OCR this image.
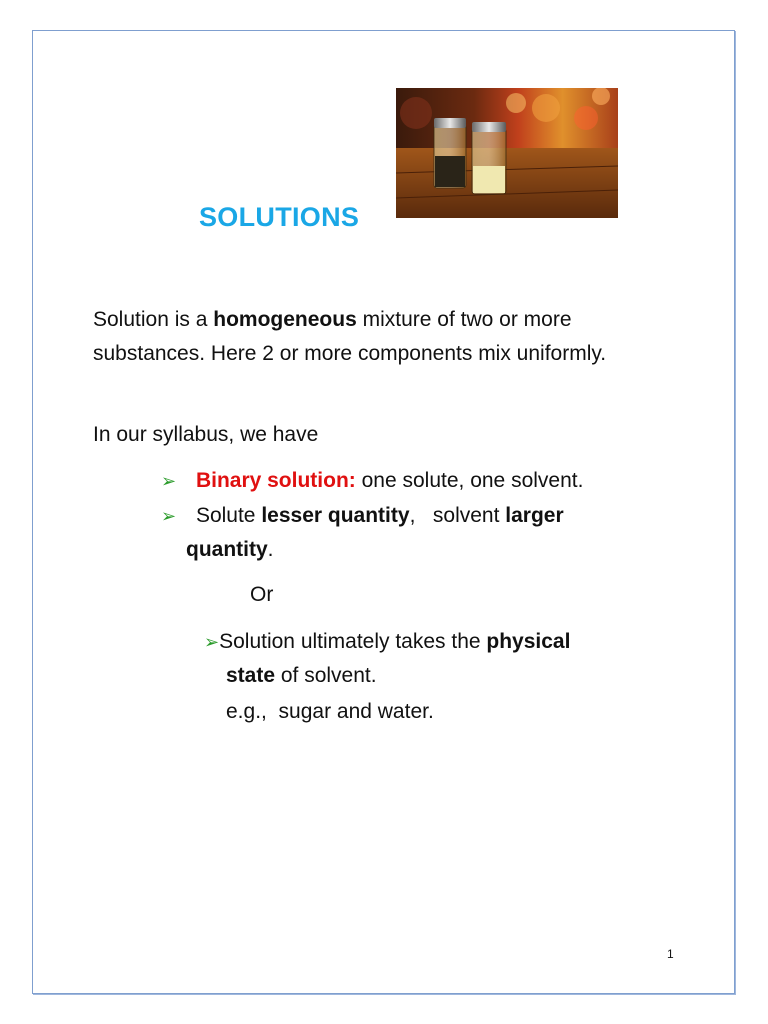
SOLUTIONS
Solution is a homogeneous mixture of two or more substances. Here 2 or more components mix uniformly.
In our syllabus, we have
➢ Binary solution: one solute, one solvent.
➢ Solute lesser quantity,   solvent larger
quantity.
Or
➢Solution ultimately takes the physical
state of solvent.
e.g.,  sugar and water.
1
